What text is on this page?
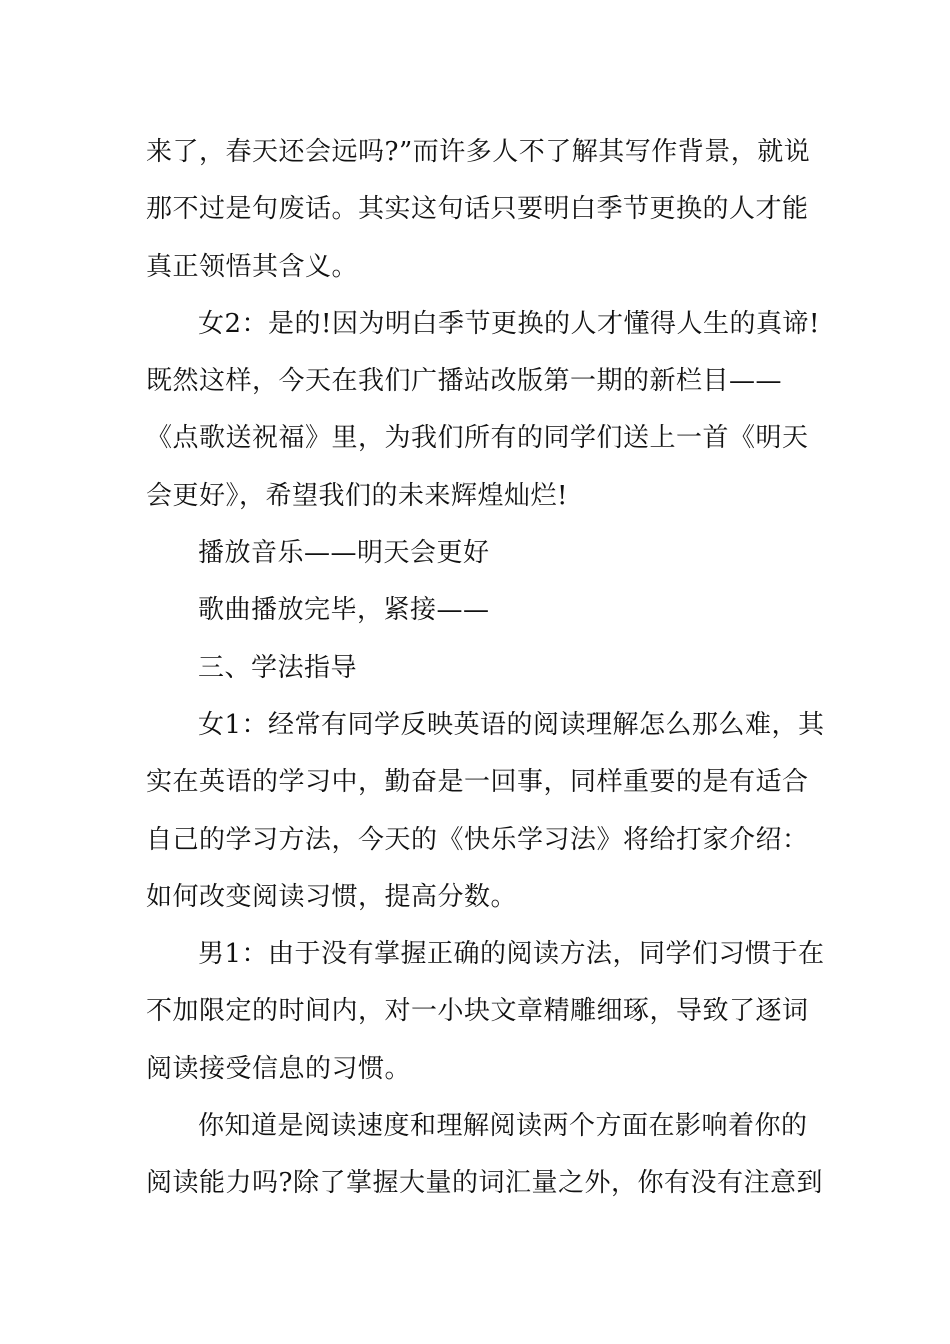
来了，春天还会远吗?”而许多人不了解其写作背景，就说
那不过是句废话。其实这句话只要明白季节更换的人才能
真正领悟其含义。

女2：是的!因为明白季节更换的人才懂得人生的真谛!
既然这样，今天在我们广播站改版第一期的新栏目——
《点歌送祝福》里，为我们所有的同学们送上一首《明天
会更好》，希望我们的未来辉煌灿烂!

播放音乐——明天会更好

歌曲播放完毕，紧接——

三、学法指导

女1：经常有同学反映英语的阅读理解怎么那么难，其
实在英语的学习中，勤奋是一回事，同样重要的是有适合
自己的学习方法，今天的《快乐学习法》将给打家介绍：
如何改变阅读习惯，提高分数。

男1：由于没有掌握正确的阅读方法，同学们习惯于在
不加限定的时间内，对一小块文章精雕细琢，导致了逐词
阅读接受信息的习惯。

你知道是阅读速度和理解阅读两个方面在影响着你的
阅读能力吗?除了掌握大量的词汇量之外，你有没有注意到
